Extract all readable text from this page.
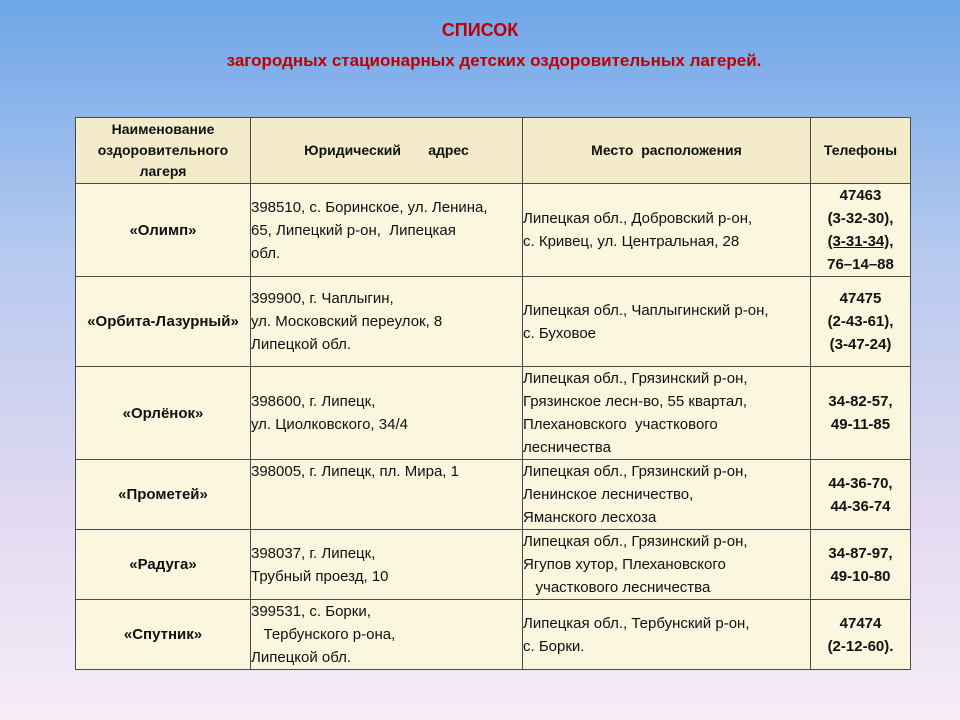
СПИСОК
загородных стационарных детских оздоровительных лагерей.
Наименование
оздоровительного
лагеря	Юридический       адрес	Место  расположения	Телефоны

«Олимп»	398510, с. Боринское, ул. Ленина,
65, Липецкий р-он,  Липецкая
обл.	Липецкая обл., Добровский р-он,
с. Кривец, ул. Центральная, 28	47463
(3-32-30),
(3-31-34),
76–14–88

«Орбита-Лазурный»	399900, г. Чаплыгин,
ул. Московский переулок, 8
Липецкой обл.	Липецкая обл., Чаплыгинский р-он,
с. Буховое	47475
(2-43-61),
(3-47-24)

«Орлёнок»	398600, г. Липецк,
ул. Циолковского, 34/4	Липецкая обл., Грязинский р-он,
Грязинское лесн-во, 55 квартал,
Плехановского  участкового
лесничества	34-82-57,
49-11-85

«Прометей»	398005, г. Липецк, пл. Мира, 1	Липецкая обл., Грязинский р-он,
Ленинское лесничество,
Яманского лесхоза	44-36-70,
44-36-74

«Радуга»	398037, г. Липецк,
Трубный проезд, 10	Липецкая обл., Грязинский р-он,
Ягупов хутор, Плехановского
участкового лесничества	34-87-97,
49-10-80

«Спутник»	399531, с. Борки,
Тербунского р-она,
Липецкой обл.	Липецкая обл., Тербунский р-он,
с. Борки.	47474
(2-12-60).
